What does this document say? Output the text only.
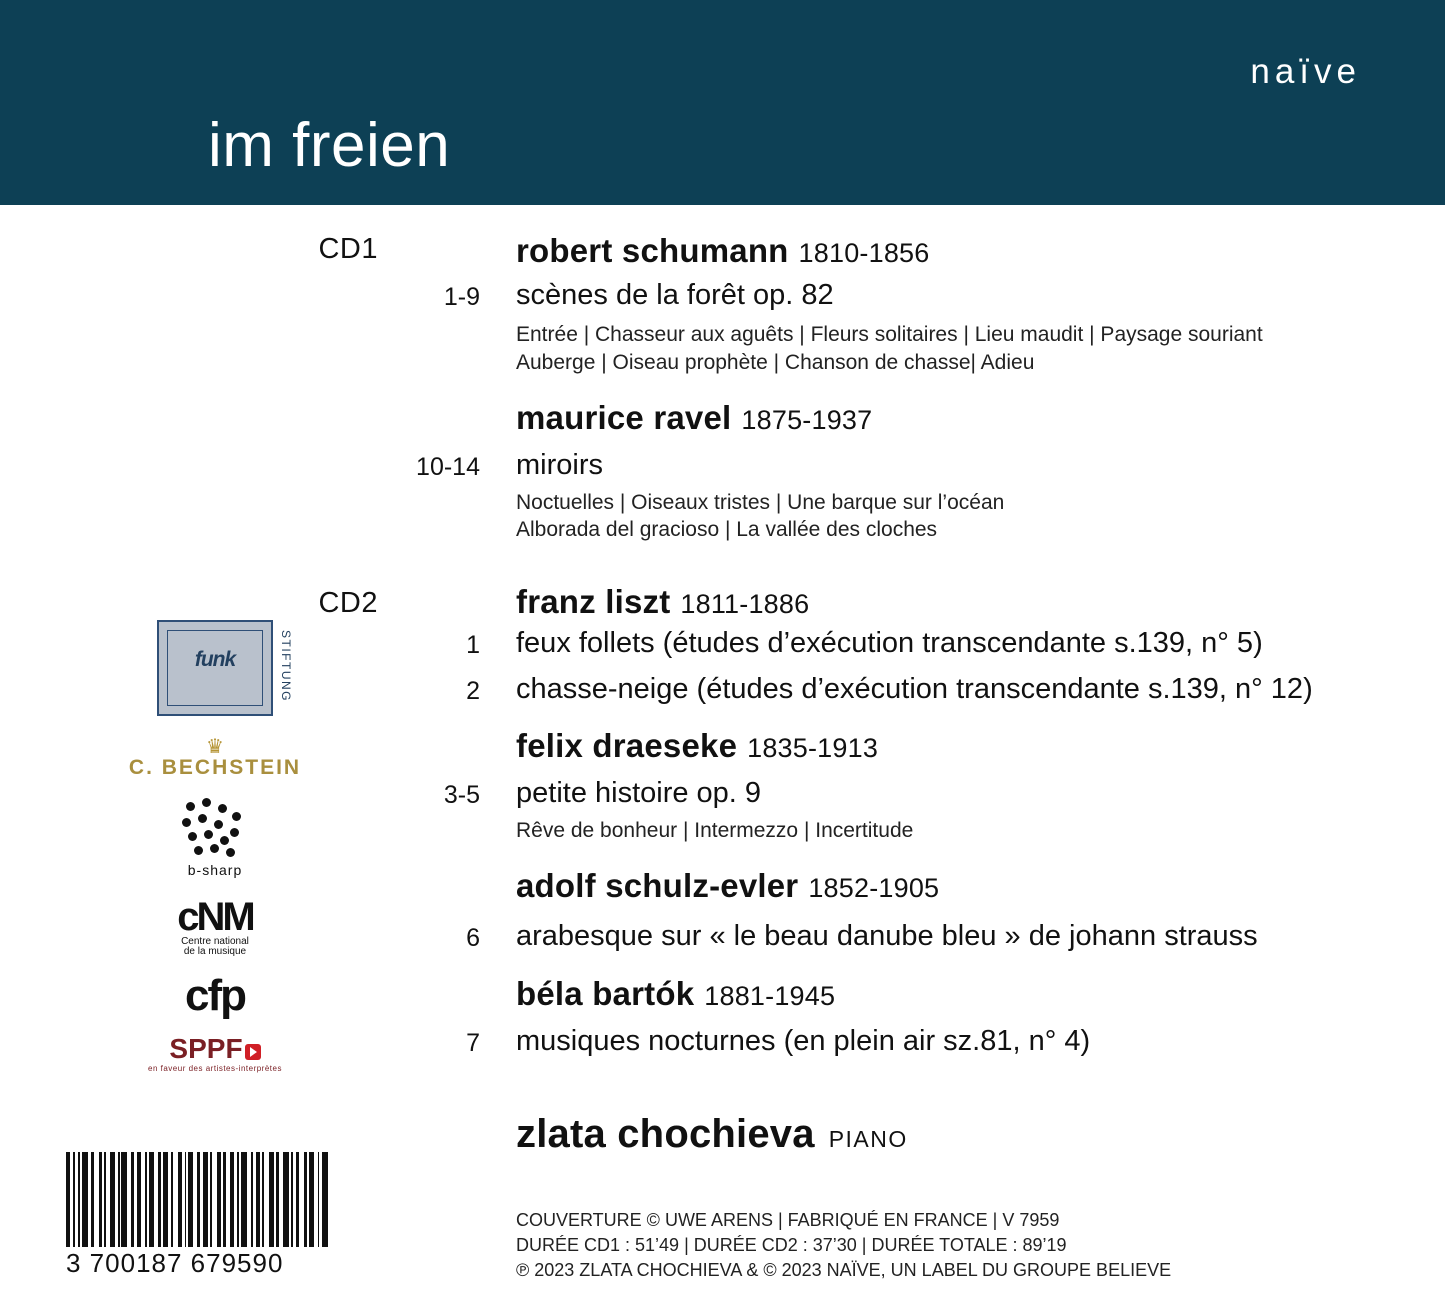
naïve
im freien
CD1	robert schumann 1810-1856
1-9 scènes de la forêt op. 82
Entrée | Chasseur aux aguêts | Fleurs solitaires | Lieu maudit | Paysage souriant
Auberge | Oiseau prophète | Chanson de chasse| Adieu
maurice ravel 1875-1937
10-14 miroirs
Noctuelles | Oiseaux tristes | Une barque sur l’océan
Alborada del gracioso | La vallée des cloches
CD2	franz liszt 1811-1886
1 feux follets (études d’exécution transcendante s.139, n° 5)
2 chasse-neige (études d’exécution transcendante s.139, n° 12)
felix draeseke 1835-1913
3-5 petite histoire op. 9
Rêve de bonheur | Intermezzo | Incertitude
adolf schulz-evler 1852-1905
6 arabesque sur « le beau danube bleu » de johann strauss
béla bartók 1881-1945
7 musiques nocturnes (en plein air sz.81, n° 4)
zlata chochieva PIANO
COUVERTURE © UWE ARENS | FABRIQUÉ EN FRANCE | V 7959
DURÉE CD1 : 51’49 | DURÉE CD2 : 37’30 | DURÉE TOTALE : 89’19
℗ 2023 ZLATA CHOCHIEVA & © 2023 NAÏVE, UN LABEL DU GROUPE BELIEVE
funk	STIFTUNG
♛
C. BECHSTEIN
b-sharp
cNM
Centre national
de la musique
cfp
SPPF
en faveur des artistes-interprètes
3 700187 679590
